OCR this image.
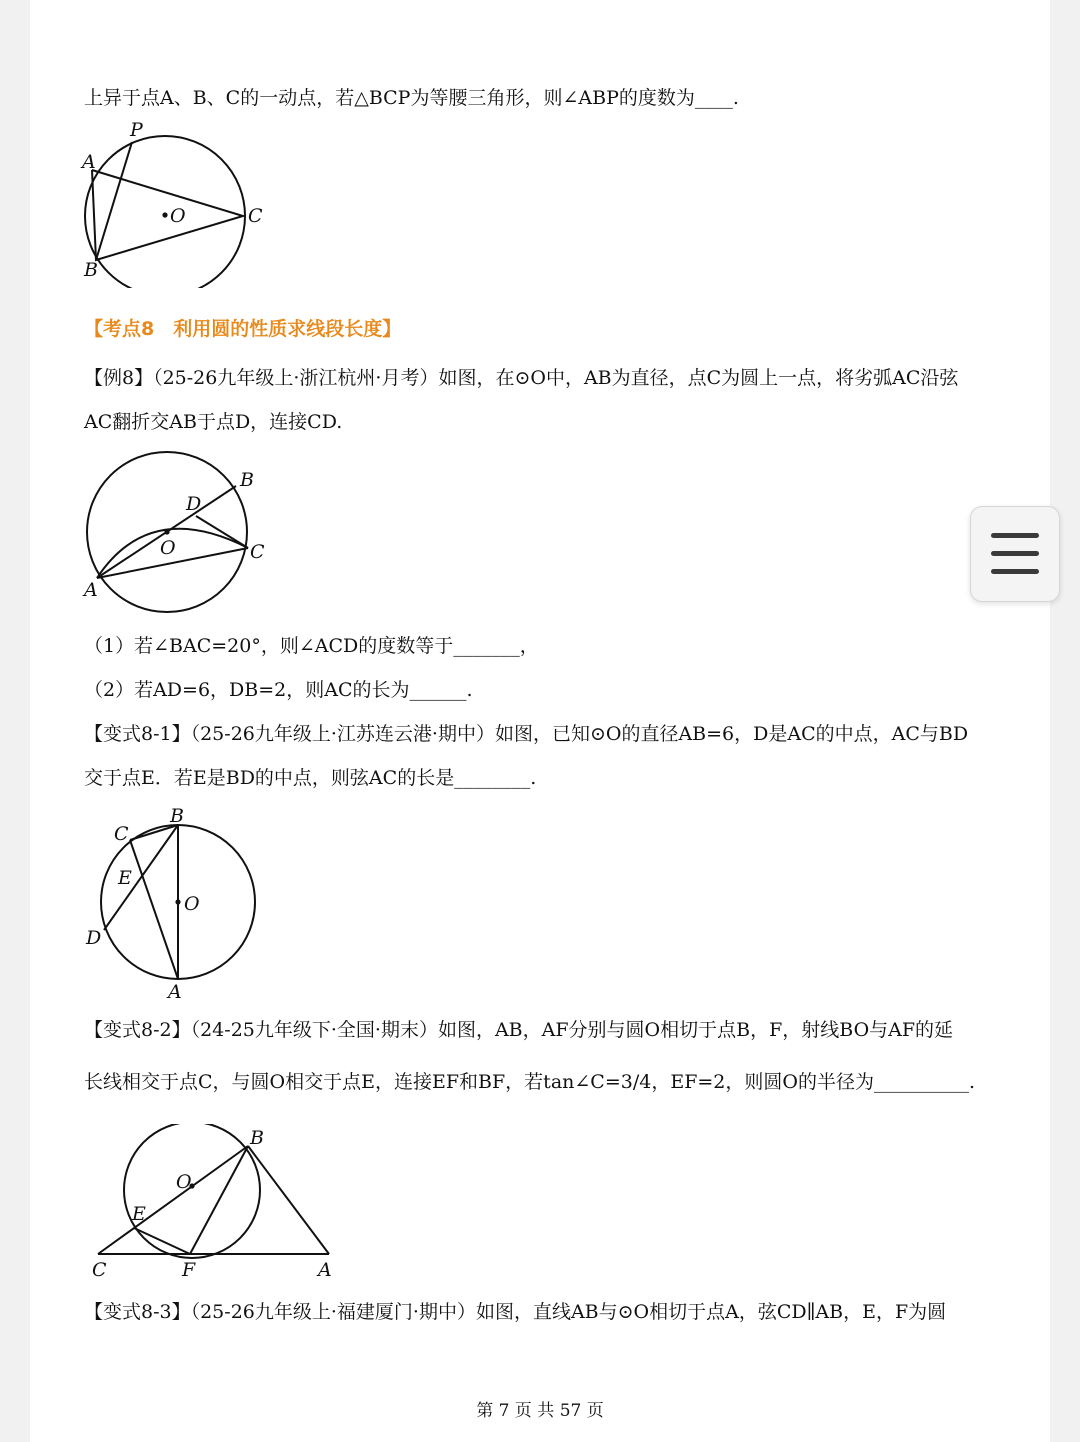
上异于点A、B、C的一动点，若△BCP为等腰三角形，则∠ABP的度数为____.
P
A
O	C
B
【考点8　利用圆的性质求线段长度】
【例8】（25-26九年级上·浙江杭州·月考）如图，在⊙O中，AB为直径，点C为圆上一点，将劣弧AC沿弦
AC翻折交AB于点D，连接CD.
B
D
O	C
A
（1）若∠BAC=20°，则∠ACD的度数等于_______，
（2）若AD=6，DB=2，则AC的长为______.
【变式8-1】（25-26九年级上·江苏连云港·期中）如图，已知⊙O的直径AB=6，D是AC的中点，AC与BD
交于点E．若E是BD的中点，则弦AC的长是________.
B
C
E
O
D
A
【变式8-2】（24-25九年级下·全国·期末）如图，AB，AF分别与圆O相切于点B，F，射线BO与AF的延
长线相交于点C，与圆O相交于点E，连接EF和BF，若tan∠C=3/4，EF=2，则圆O的半径为__________.
B
O
E
C	F	A
【变式8-3】（25-26九年级上·福建厦门·期中）如图，直线AB与⊙O相切于点A，弦CD∥AB，E，F为圆
第 7 页 共 57 页
